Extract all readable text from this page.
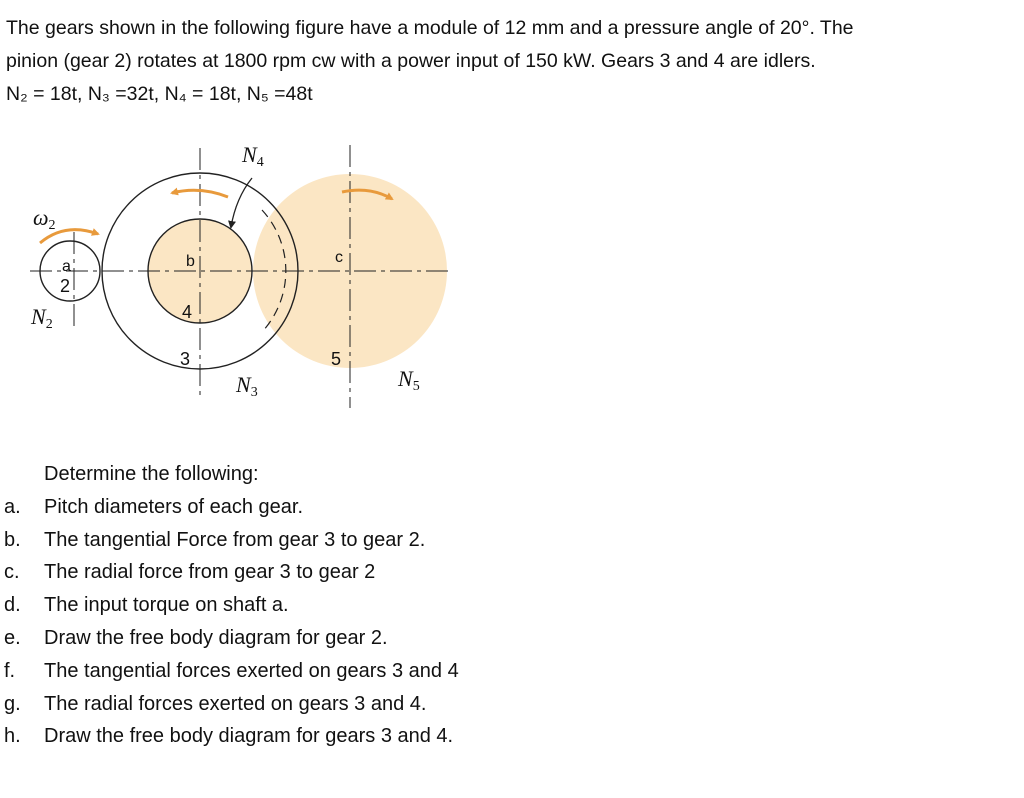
The gears shown in the following figure have a module of 12 mm and a pressure angle of 20°. The

pinion (gear 2) rotates at 1800 rpm cw with a power input of 150 kW. Gears 3 and 4 are idlers.

N₂ = 18t, N₃ =32t, N₄ = 18t, N₅ =48t

ω2
N2
N3
N4
N5
a
2
b
4
3
c
5
Determine the following:
a.	Pitch diameters of each gear.
b.	The tangential Force from gear 3 to gear 2.
c.	The radial force from gear 3 to gear 2
d.	The input torque on shaft a.
e.	Draw the free body diagram for gear 2.
f.	The tangential forces exerted on gears 3 and 4
g.	The radial forces exerted on gears 3 and 4.
h.	Draw the free body diagram for gears 3 and 4.
